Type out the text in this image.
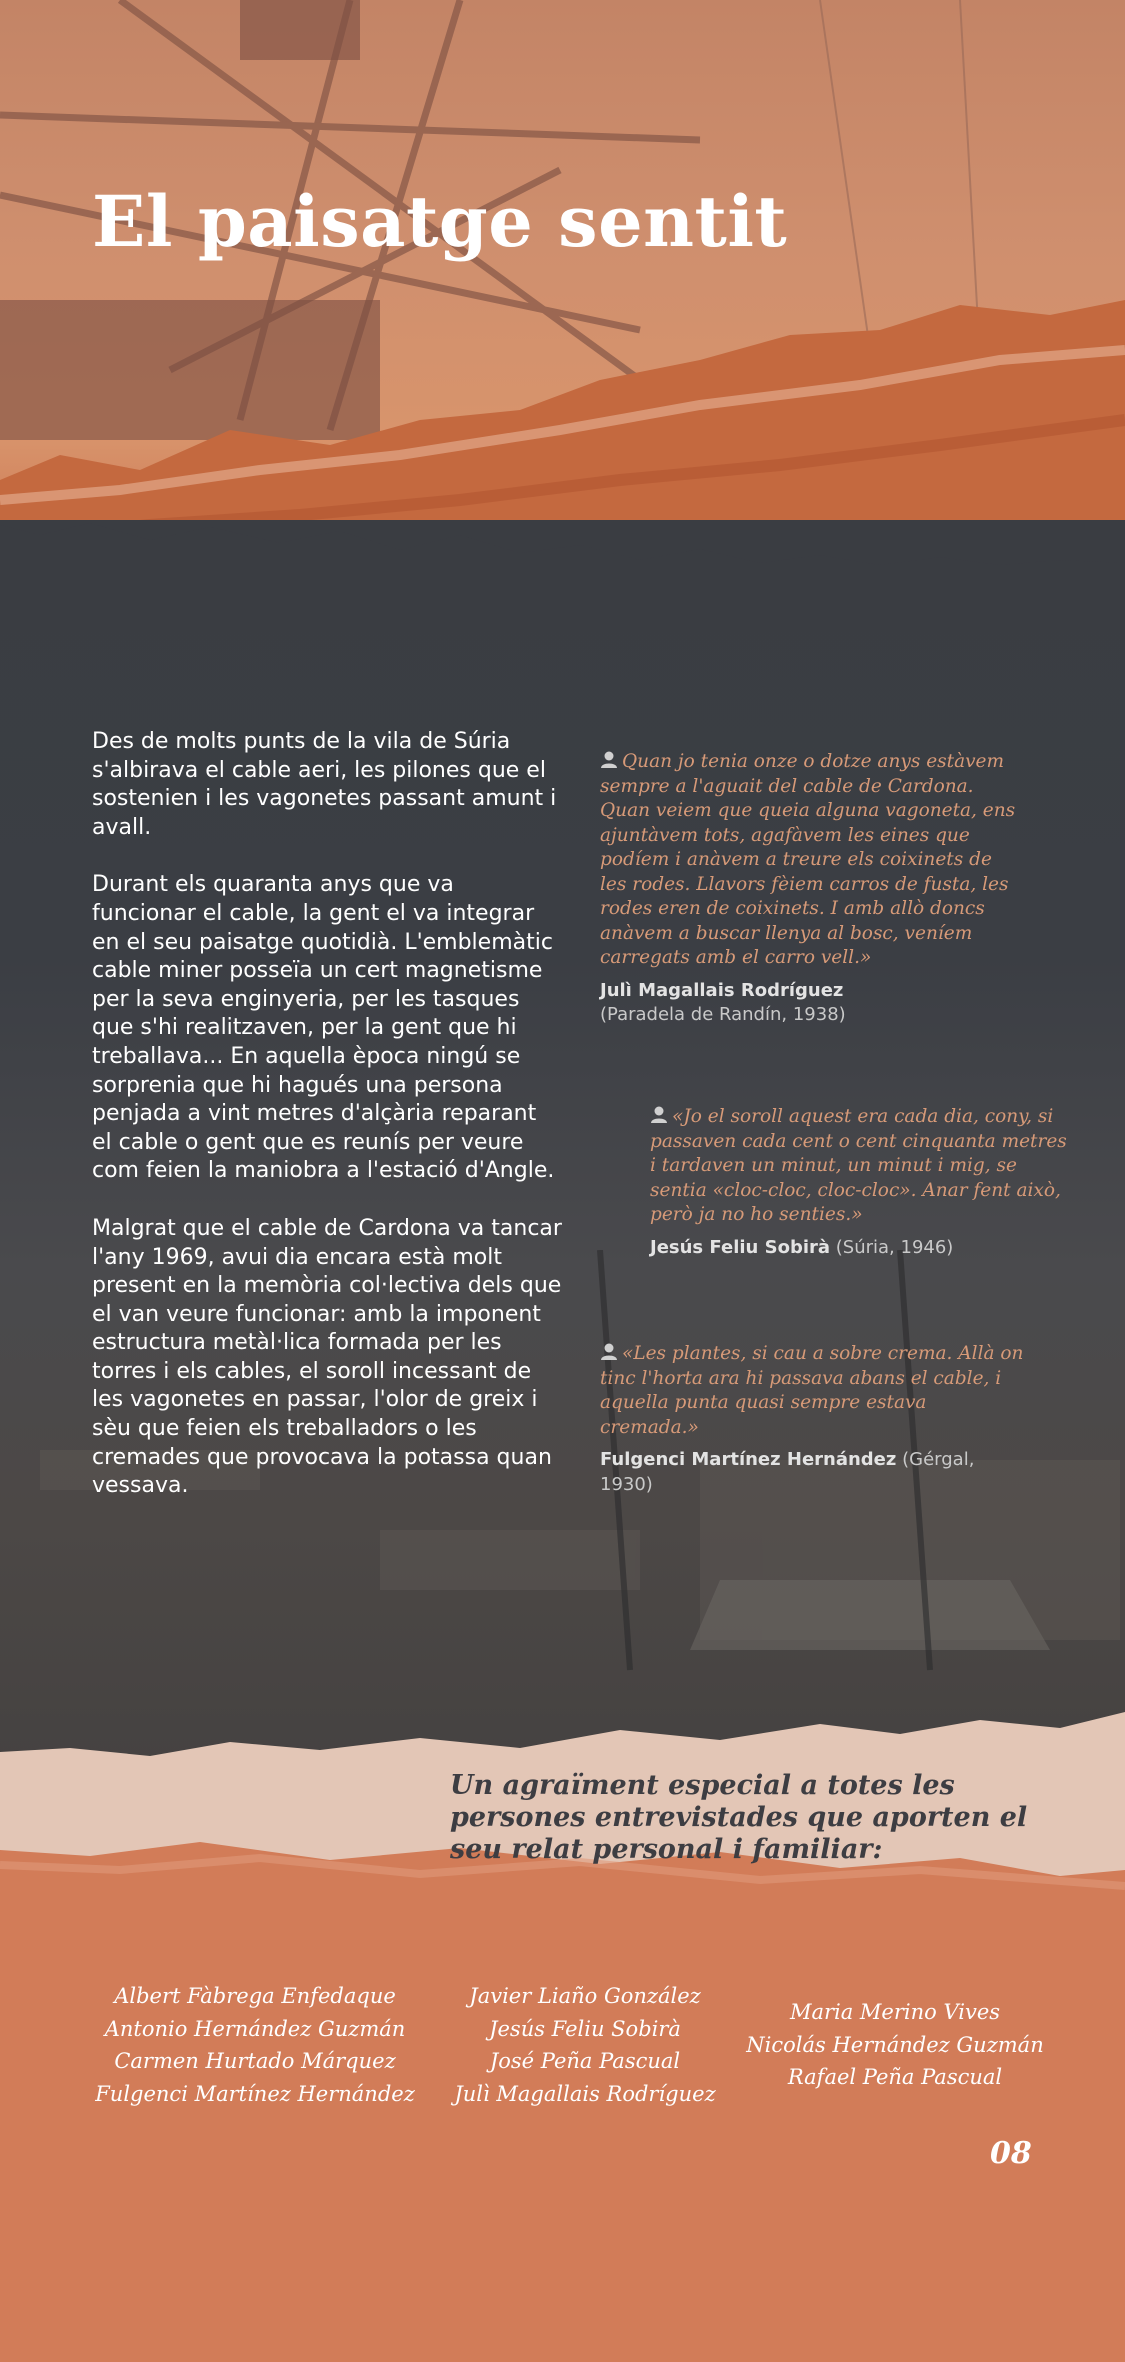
El paisatge sentit

Des de molts punts de la vila de Súria s'albirava el cable aeri, les pilones que el sostenien i les vagonetes passant amunt i avall.

Durant els quaranta anys que va funcionar el cable, la gent el va integrar en el seu paisatge quotidià. L'emblemàtic cable miner posseïa un cert magnetisme per la seva enginyeria, per les tasques que s'hi realitzaven, per la gent que hi treballava... En aquella època ningú se sorprenia que hi hagués una persona penjada a vint metres d'alçària reparant el cable o gent que es reunís per veure com feien la maniobra a l'estació d'Angle.

Malgrat que el cable de Cardona va tancar l'any 1969, avui dia encara està molt present en la memòria col·lectiva dels que el van veure funcionar: amb la imponent estructura metàl·lica formada per les torres i els cables, el soroll incessant de les vagonetes en passar, l'olor de greix i sèu que feien els treballadors o les cremades que provocava la potassa quan vessava.

Quan jo tenia onze o dotze anys estàvem sempre a l'aguait del cable de Cardona. Quan veiem que queia alguna vagoneta, ens ajuntàvem tots, agafàvem les eines que podíem i anàvem a treure els coixinets de les rodes. Llavors fèiem carros de fusta, les rodes eren de coixinets. I amb allò doncs anàvem a buscar llenya al bosc, veníem carregats amb el carro vell.»

Julì Magallais Rodríguez
(Paradela de Randín, 1938)

«Jo el soroll aquest era cada dia, cony, si passaven cada cent o cent cinquanta metres i tardaven un minut, un minut i mig, se sentia «cloc-cloc, cloc-cloc». Anar fent això, però ja no ho senties.»

Jesús Feliu Sobirà (Súria, 1946)

«Les plantes, si cau a sobre crema. Allà on tinc l'horta ara hi passava abans el cable, i aquella punta quasi sempre estava cremada.»

Fulgenci Martínez Hernández (Gérgal, 1930)

Un agraïment especial a totes les persones entrevistades que aporten el seu relat personal i familiar:
Albert Fàbrega Enfedaque
Antonio Hernández Guzmán
Carmen Hurtado Márquez
Fulgenci Martínez Hernández
Javier Liaño González
Jesús Feliu Sobirà
José Peña Pascual
Julì Magallais Rodríguez
Maria Merino Vives
Nicolás Hernández Guzmán
Rafael Peña Pascual

08
